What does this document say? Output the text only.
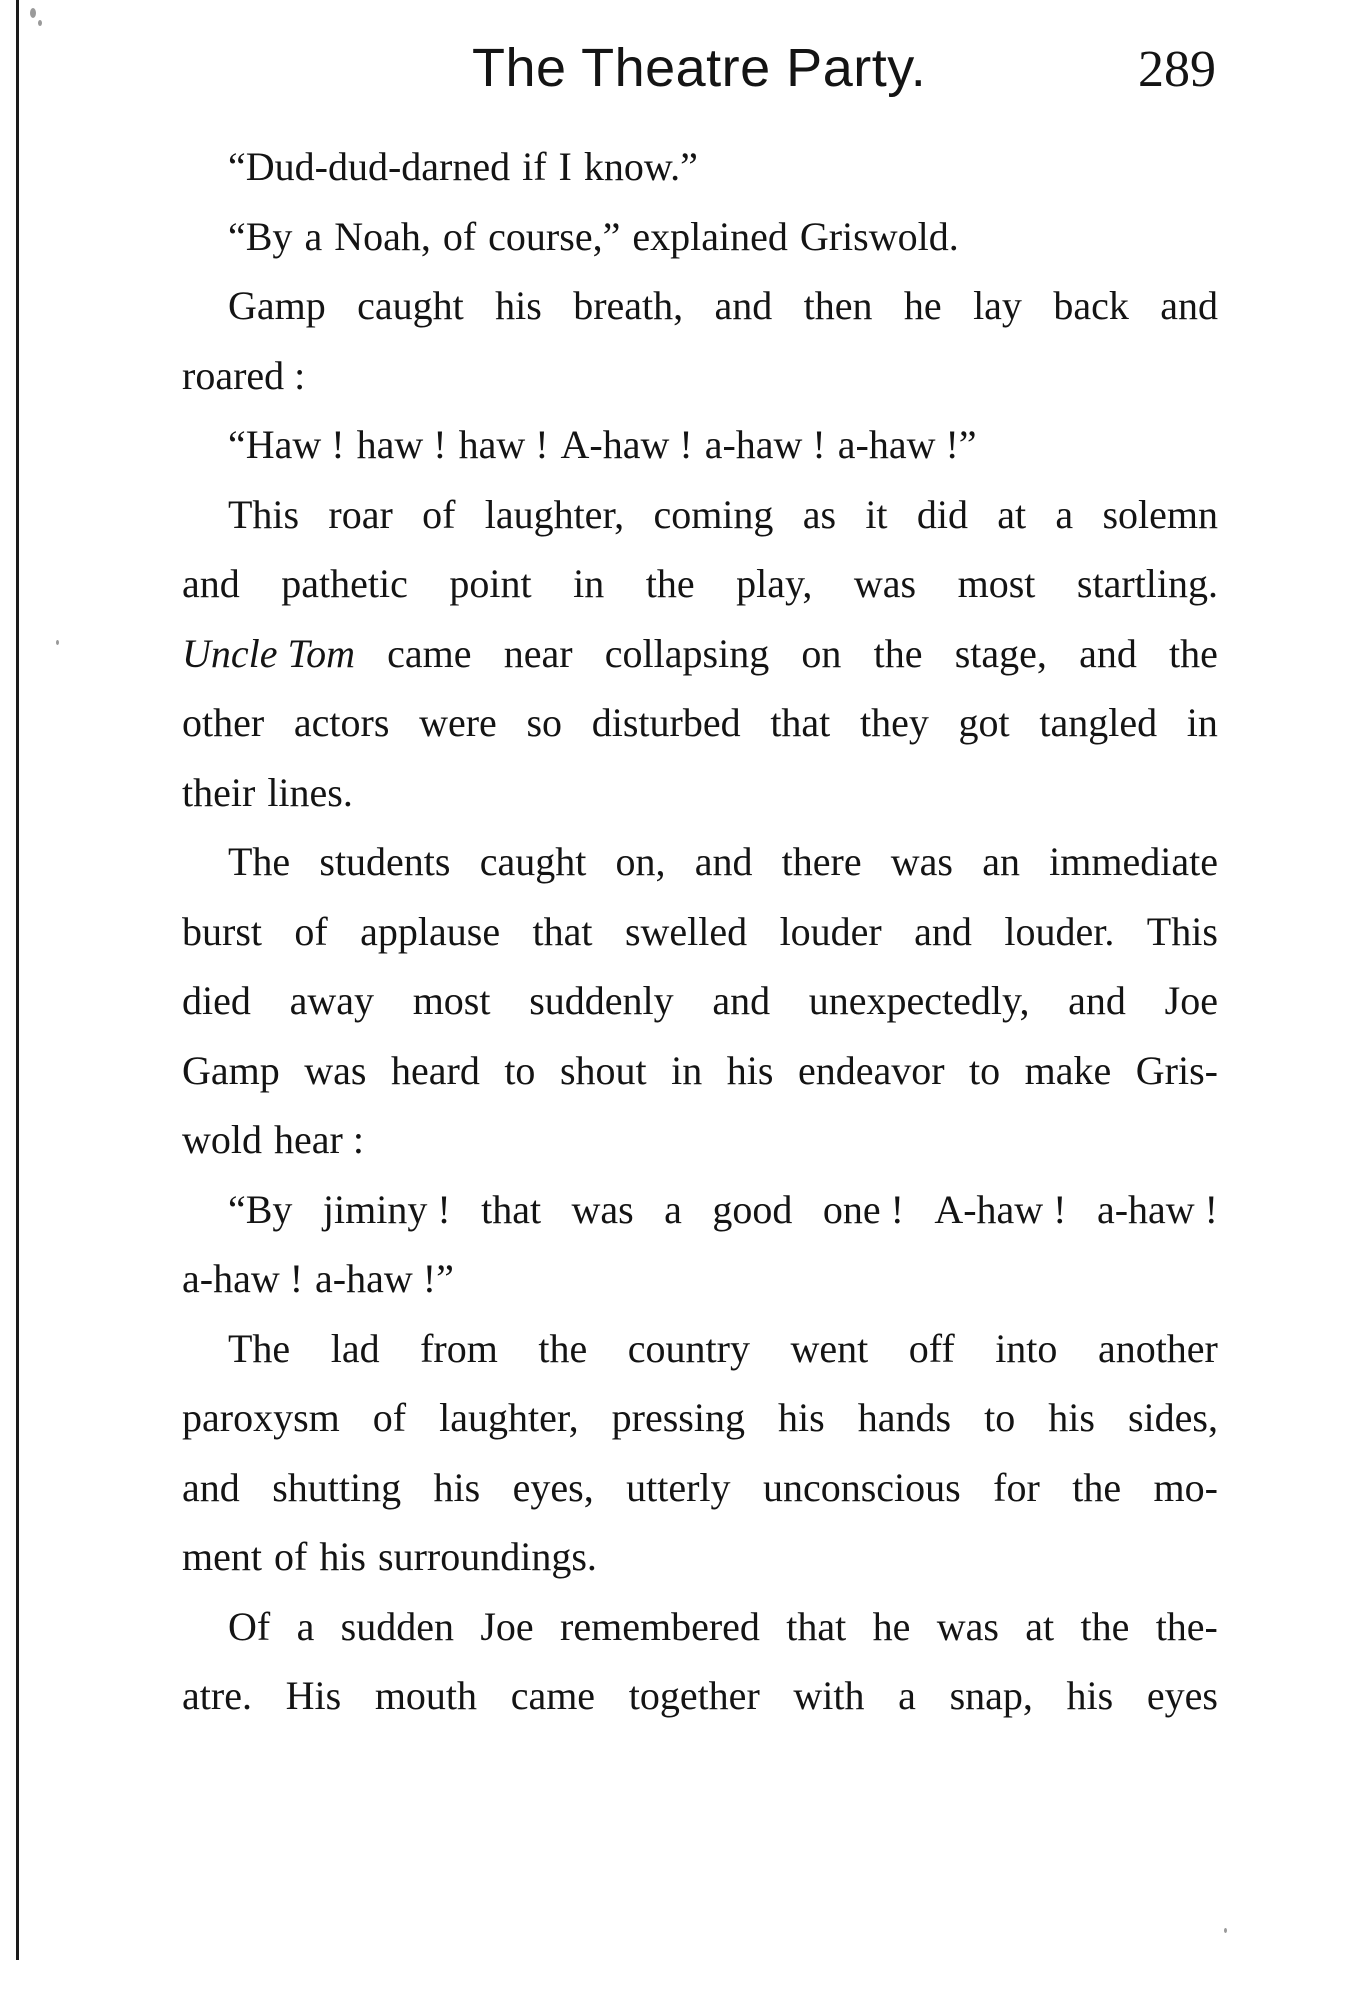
The Theatre Party.	289
“Dud-dud-darned if I know.”
“By a Noah, of course,” explained Griswold.
Gamp caught his breath, and then he lay back and
roared :
“Haw ! haw ! haw ! A-haw ! a-haw ! a-haw !”
This roar of laughter, coming as it did at a solemn
and pathetic point in the play, was most startling.
Uncle Tom came near collapsing on the stage, and the
other actors were so disturbed that they got tangled in
their lines.
The students caught on, and there was an immediate
burst of applause that swelled louder and louder. This
died away most suddenly and unexpectedly, and Joe
Gamp was heard to shout in his endeavor to make Gris-
wold hear :
“By jiminy ! that was a good one ! A-haw ! a-haw !
a-haw ! a-haw !”
The lad from the country went off into another
paroxysm of laughter, pressing his hands to his sides,
and shutting his eyes, utterly unconscious for the mo-
ment of his surroundings.
Of a sudden Joe remembered that he was at the the-
atre. His mouth came together with a snap, his eyes
